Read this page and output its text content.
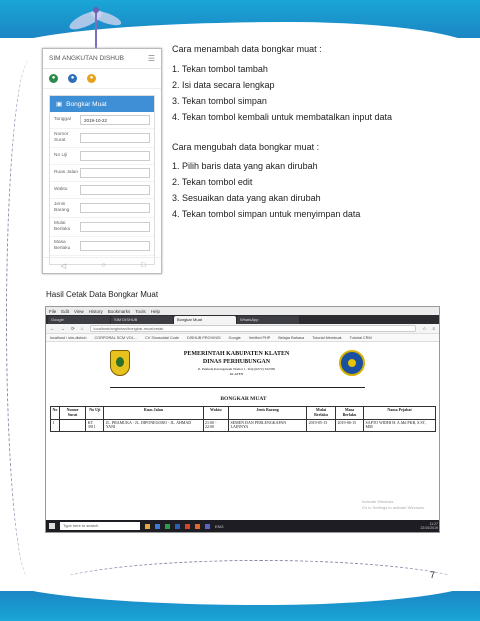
SIM ANGKUTAN DISHUB	☰
●	●	●
▣ Bongkar Muat
Tanggal	2019-10-22
Nomor Surat
No Uji
Ruas Jalan
Waktu
Jenis Barang
Mulai Berlaku
Masa Berlaku
◁	○	□
Cara menambah data bongkar muat :
1. Tekan tombol tambah
2. Isi data secara lengkap
3. Tekan tombol simpan
4. Tekan tombol kembali untuk membatalkan input data
Cara mengubah data bongkar muat :
1. Pilih baris data yang akan dirubah
2. Tekan tombol edit
3. Sesuaikan data yang akan dirubah
4. Tekan tombol simpan untuk menyimpan data
Hasil Cetak Data Bongkar Muat
File Edit View History Bookmarks Tools Help
Google	SIM DISHUB	Bongkar Muat	WhatsApp
← → ⟳ ⌂	localhost/angkutan/bongkar-muat/cetak	☆ ≡
localhost / sim-dishub CORPORAL SCM VOL... CV Sinusoidal Code DISHUB PROVINSI Google Verified PHP Belajar Bahasa Tutorial Membuat Tutorial CRM
PEMERINTAH KABUPATEN KLATEN
DINAS PERHUBUNGAN
Jl. Pemuda Karanganom Nomor 1, Telp (0272) 322330
KLATEN
BONGKAR MUAT
No	Nomor Surat	No Uji	Ruas Jalan	Waktu	Jenis Barang	Mulai Berlaku	Masa Berlaku	Nama Pejabat
1		KT 3911	JL. PRAMUKA - JL. DIPONEGORO - JL. AHMAD YANI	21:00 - 22:00	SEMEN DAN PERLENGKAPAN LAINNYA	2019-05-15	2019-06-15	SAPTO WIDHI H. A.Md PKB, S.ST, MM
Activate Windows
Go to Settings to activate Windows.
Type here to search	ENG	11:27
22/10/2019
7
